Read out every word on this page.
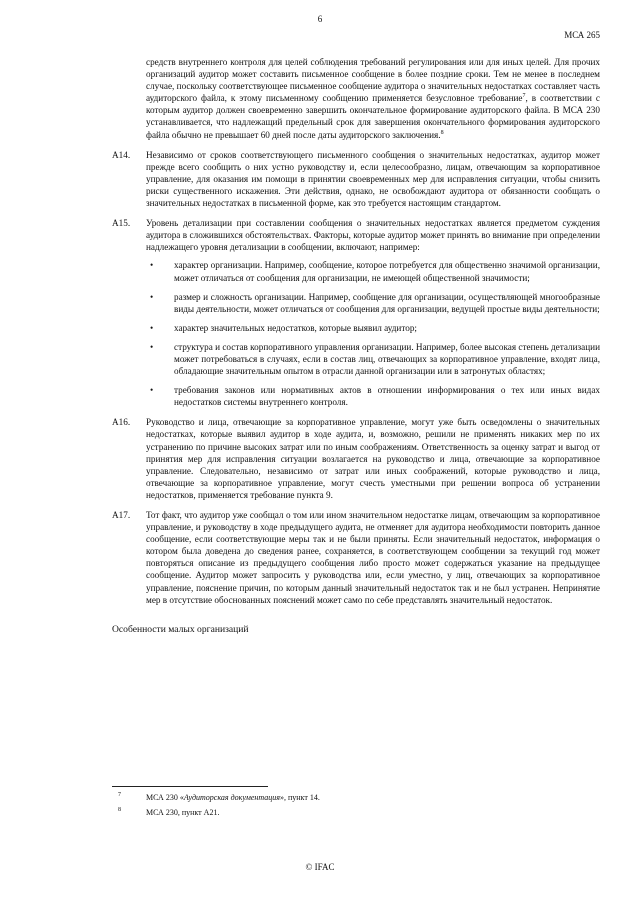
6
МСА 265

средств внутреннего контроля для целей соблюдения требований регулирования или для иных целей. Для прочих организаций аудитор может составить письменное сообщение в более поздние сроки. Тем не менее в последнем случае, поскольку соответствующее письменное сообщение аудитора о значительных недостатках составляет часть аудиторского файла, к этому письменному сообщению применяется безусловное требование$^7$, в соответствии с которым аудитор должен своевременно завершить окончательное формирование аудиторского файла. В МСА 230 устанавливается, что надлежащий предельный срок для завершения окончательного формирования аудиторского файла обычно не превышает 60 дней после даты аудиторского заключения.$^8$

A14. Независимо от сроков соответствующего письменного сообщения о значительных недостатках, аудитор может прежде всего сообщить о них устно руководству и, если целесообразно, лицам, отвечающим за корпоративное управление, для оказания им помощи в принятии своевременных мер для исправления ситуации, чтобы снизить риски существенного искажения. Эти действия, однако, не освобождают аудитора от обязанности сообщать о значительных недостатках в письменной форме, как это требуется настоящим стандартом.

A15. Уровень детализации при составлении сообщения о значительных недостатках является предметом суждения аудитора в сложившихся обстоятельствах. Факторы, которые аудитор может принять во внимание при определении надлежащего уровня детализации в сообщении, включают, например:

• характер организации. Например, сообщение, которое потребуется для общественно значимой организации, может отличаться от сообщения для организации, не имеющей общественной значимости;

• размер и сложность организации. Например, сообщение для организации, осуществляющей многообразные виды деятельности, может отличаться от сообщения для организации, ведущей простые виды деятельности;

• характер значительных недостатков, которые выявил аудитор;

• структура и состав корпоративного управления организации. Например, более высокая степень детализации может потребоваться в случаях, если в состав лиц, отвечающих за корпоративное управление, входят лица, обладающие значительным опытом в отрасли данной организации или в затронутых областях;

• требования законов или нормативных актов в отношении информирования о тех или иных видах недостатков системы внутреннего контроля.

A16. Руководство и лица, отвечающие за корпоративное управление, могут уже быть осведомлены о значительных недостатках, которые выявил аудитор в ходе аудита, и, возможно, решили не применять никаких мер по их устранению по причине высоких затрат или по иным соображениям. Ответственность за оценку затрат и выгод от принятия мер для исправления ситуации возлагается на руководство и лица, отвечающие за корпоративное управление. Следовательно, независимо от затрат или иных соображений, которые руководство и лица, отвечающие за корпоративное управление, могут счесть уместными при решении вопроса об устранении недостатков, применяется требование пункта 9.

A17. Тот факт, что аудитор уже сообщал о том или ином значительном недостатке лицам, отвечающим за корпоративное управление, и руководству в ходе предыдущего аудита, не отменяет для аудитора необходимости повторить данное сообщение, если соответствующие меры так и не были приняты. Если значительный недостаток, информация о котором была доведена до сведения ранее, сохраняется, в соответствующем сообщении за текущий год может повторяться описание из предыдущего сообщения либо просто может содержаться указание на предыдущее сообщение. Аудитор может запросить у руководства или, если уместно, у лиц, отвечающих за корпоративное управление, пояснение причин, по которым данный значительный недостаток так и не был устранен. Непринятие мер в отсутствие обоснованных пояснений может само по себе представлять значительный недостаток.

Особенности малых организаций
7	МСА 230 «Аудиторская документация», пункт 14.
8	МСА 230, пункт A21.
© IFAC
